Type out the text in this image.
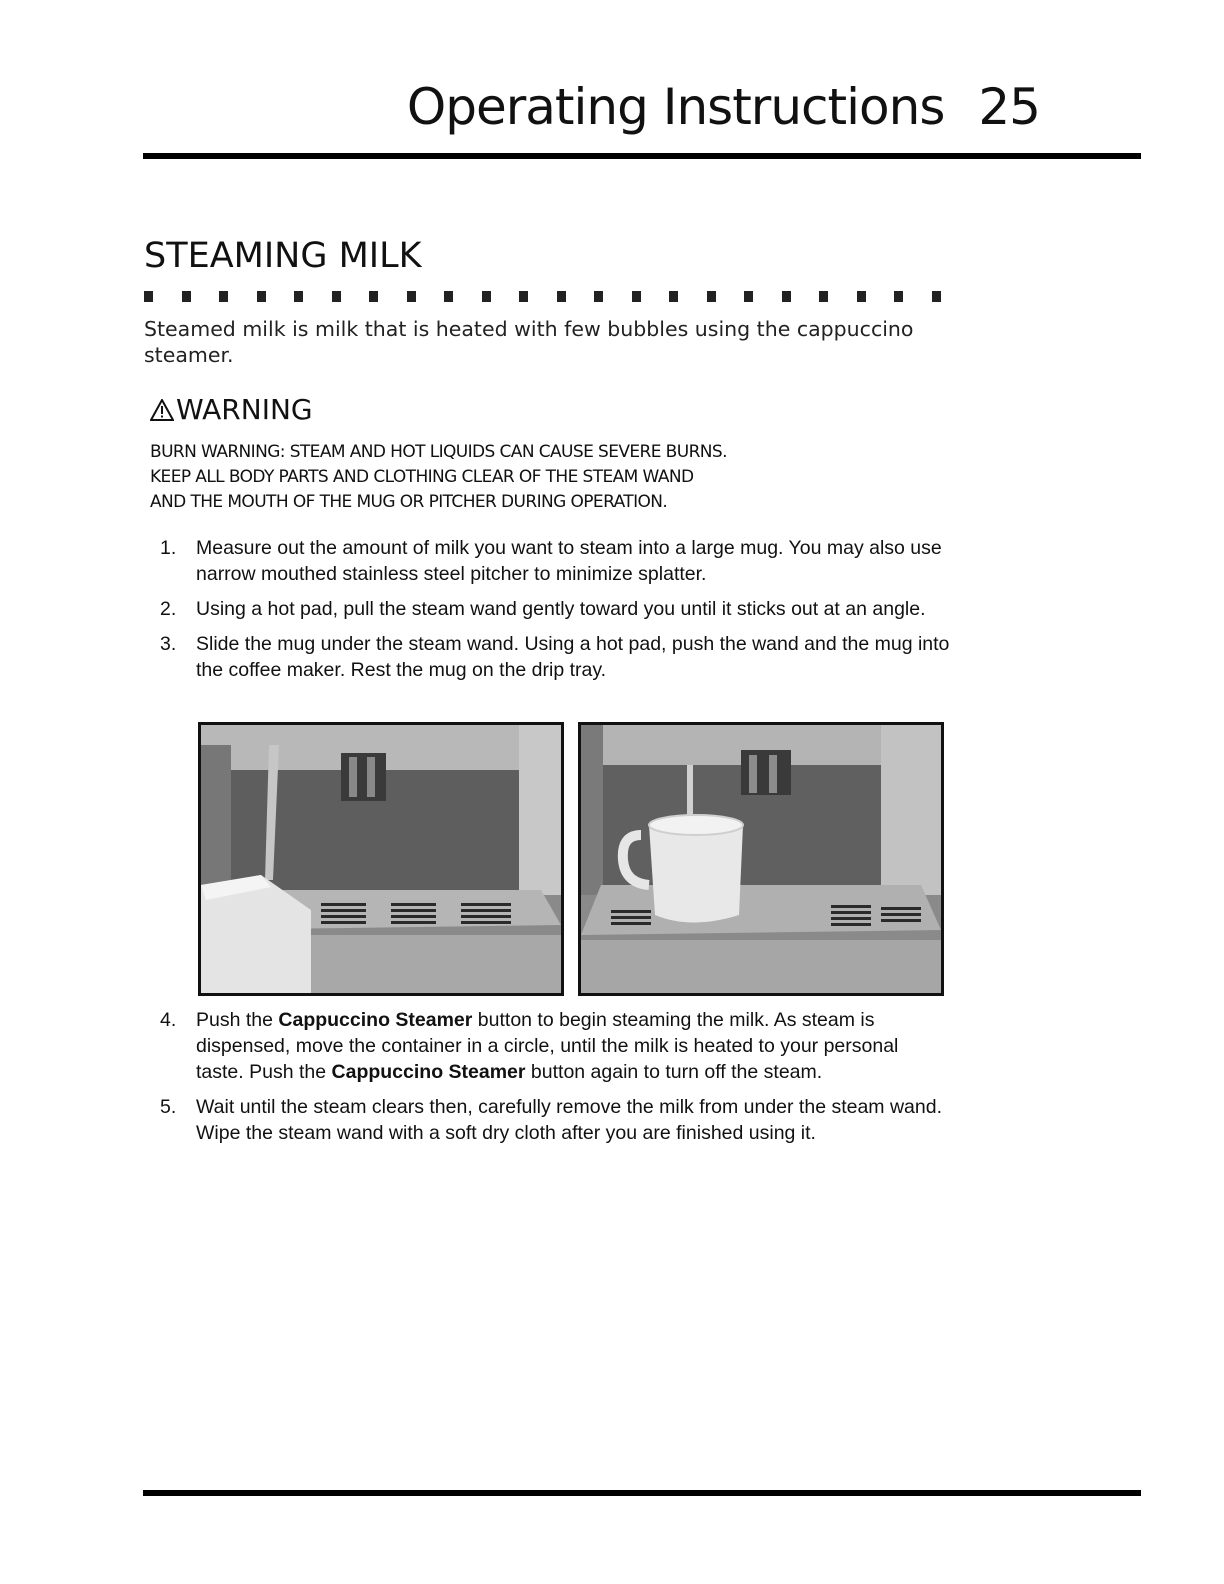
Operating Instructions 25
STEAMING MILK
Steamed milk is milk that is heated with few bubbles using the cappuccino steamer.
WARNING
BURN WARNING: STEAM AND HOT LIQUIDS CAN CAUSE SEVERE BURNS.
KEEP ALL BODY PARTS AND CLOTHING CLEAR OF THE STEAM WAND
AND THE MOUTH OF THE MUG OR PITCHER DURING OPERATION.
1. Measure out the amount of milk you want to steam into a large mug. You may also use narrow mouthed stainless steel pitcher to minimize splatter.
2. Using a hot pad, pull the steam wand gently toward you until it sticks out at an angle.
3. Slide the mug under the steam wand. Using a hot pad, push the wand and the mug into the coffee maker. Rest the mug on the drip tray.
4. Push the Cappuccino Steamer button to begin steaming the milk. As steam is dispensed, move the container in a circle, until the milk is heated to your personal taste. Push the Cappuccino Steamer button again to turn off the steam.
5. Wait until the steam clears then, carefully remove the milk from under the steam wand. Wipe the steam wand with a soft dry cloth after you are finished using it.
